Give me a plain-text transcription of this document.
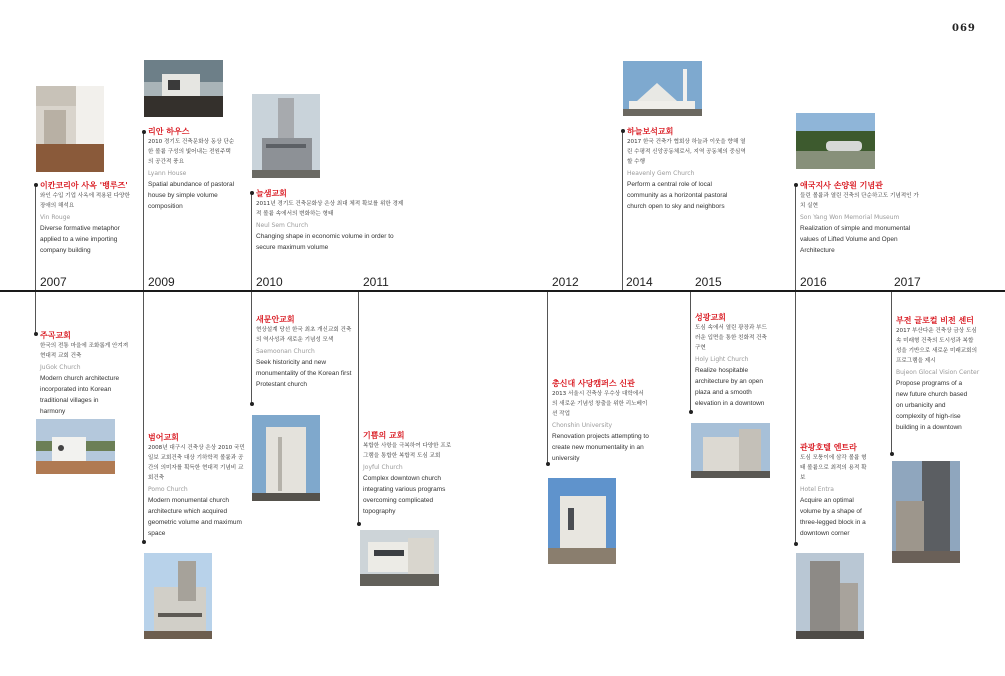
069
2007	2009	2010	2011	2012	2014	2015	2016	2017
이칸코리아 사옥 '뱅루즈'
와인 수입 기업 사옥에 적용된 다양한 장애의 해석요
Vin Rouge
Diverse formative metaphor applied to a wine importing company building
리안 하우스
2010 경기도 건축문화상 동상 단순한 볼륨 구성의 빛어내는 전원주택의 공간적 풍요
Lyann House
Spatial abundance of pastoral house by simple volume composition
늘샘교회
2011년 경기도 건축문화상 은상 최대 체적 확보를 위한 경제적 볼륨 속에서의 변화하는 형태
Neul Sem Church
Changing shape in economic volume in order to secure maximum volume
하늘보석교회
2017 한국 건축가 협회상 하늘과 이웃을 향해 열린 수평적 신앙공동체로서, 지역 공동체의 중심역할 수행
Heavenly Gem Church
Perform a central role of local community as a horizontal pastoral church open to sky and neighbors
애국지사 손양원 기념관
들린 볼륨과 열린 건축의 단순하고도 기념적인 가치 실현
Son Yang Won Memorial Museum
Realization of simple and monumental values of Lifted Volume and Open Architecture
주곡교회
한국의 전통 마을에 조화롭게 안겨져 현대적 교회 건축
JuGok Church
Modern church architecture incorporated into Korean traditional villages in harmony
범어교회
2008년 대구시 건축상 은상 2010 국민일보 교회건축 대상 기하학적 볼륨과 공간의 의미자를 획득한 현대적 기념비 교회건축
Pomo Church
Modern monumental church architecture which acquired geometric volume and maximum space
새문안교회
현상설계 당선 한국 최초 개신교회 건축의 역사성과 새로운 기념성 모색
Saemoonan Church
Seek historicity and new monumentality of the Korean first Protestant church
기쁨의 교회
복합한 사항을 극복하여 다양한 프로그램을 통합한 복합적 도심 교회
Joyful Church
Complex downtown church integrating various programs overcoming complicated topography
총신대 사당캠퍼스 신관
2013 서울시 건축상 우수상 대학에서의 새로운 기념성 창출을 위한 리노베이션 작업
Chonshin University
Renovation projects attempting to create new monumentality in an university
성광교회
도심 속에서 열린 광장과 부드러운 입면을 통한 친화적 건축 구현
Holy Light Church
Realize hospitable architecture by an open plaza and a smooth elevation in a downtown
관광호텔 엔트라
도심 모퉁이에 삼각 볼륨 형태 볼륨으로 최적의 용적 확보
Hotel Entra
Acquire an optimal volume by a shape of three-legged block in a downtown corner
부전 글로컬 비전 센터
2017 부산다운 건축상 금상 도심 속 미래형 건축의 도시성과 복합성을 기반으로 새로운 미래교회의 프로그램을 제시
Bujeon Glocal Vision Center
Propose programs of a new future church based on urbanicity and complexity of high-rise building in a downtown
